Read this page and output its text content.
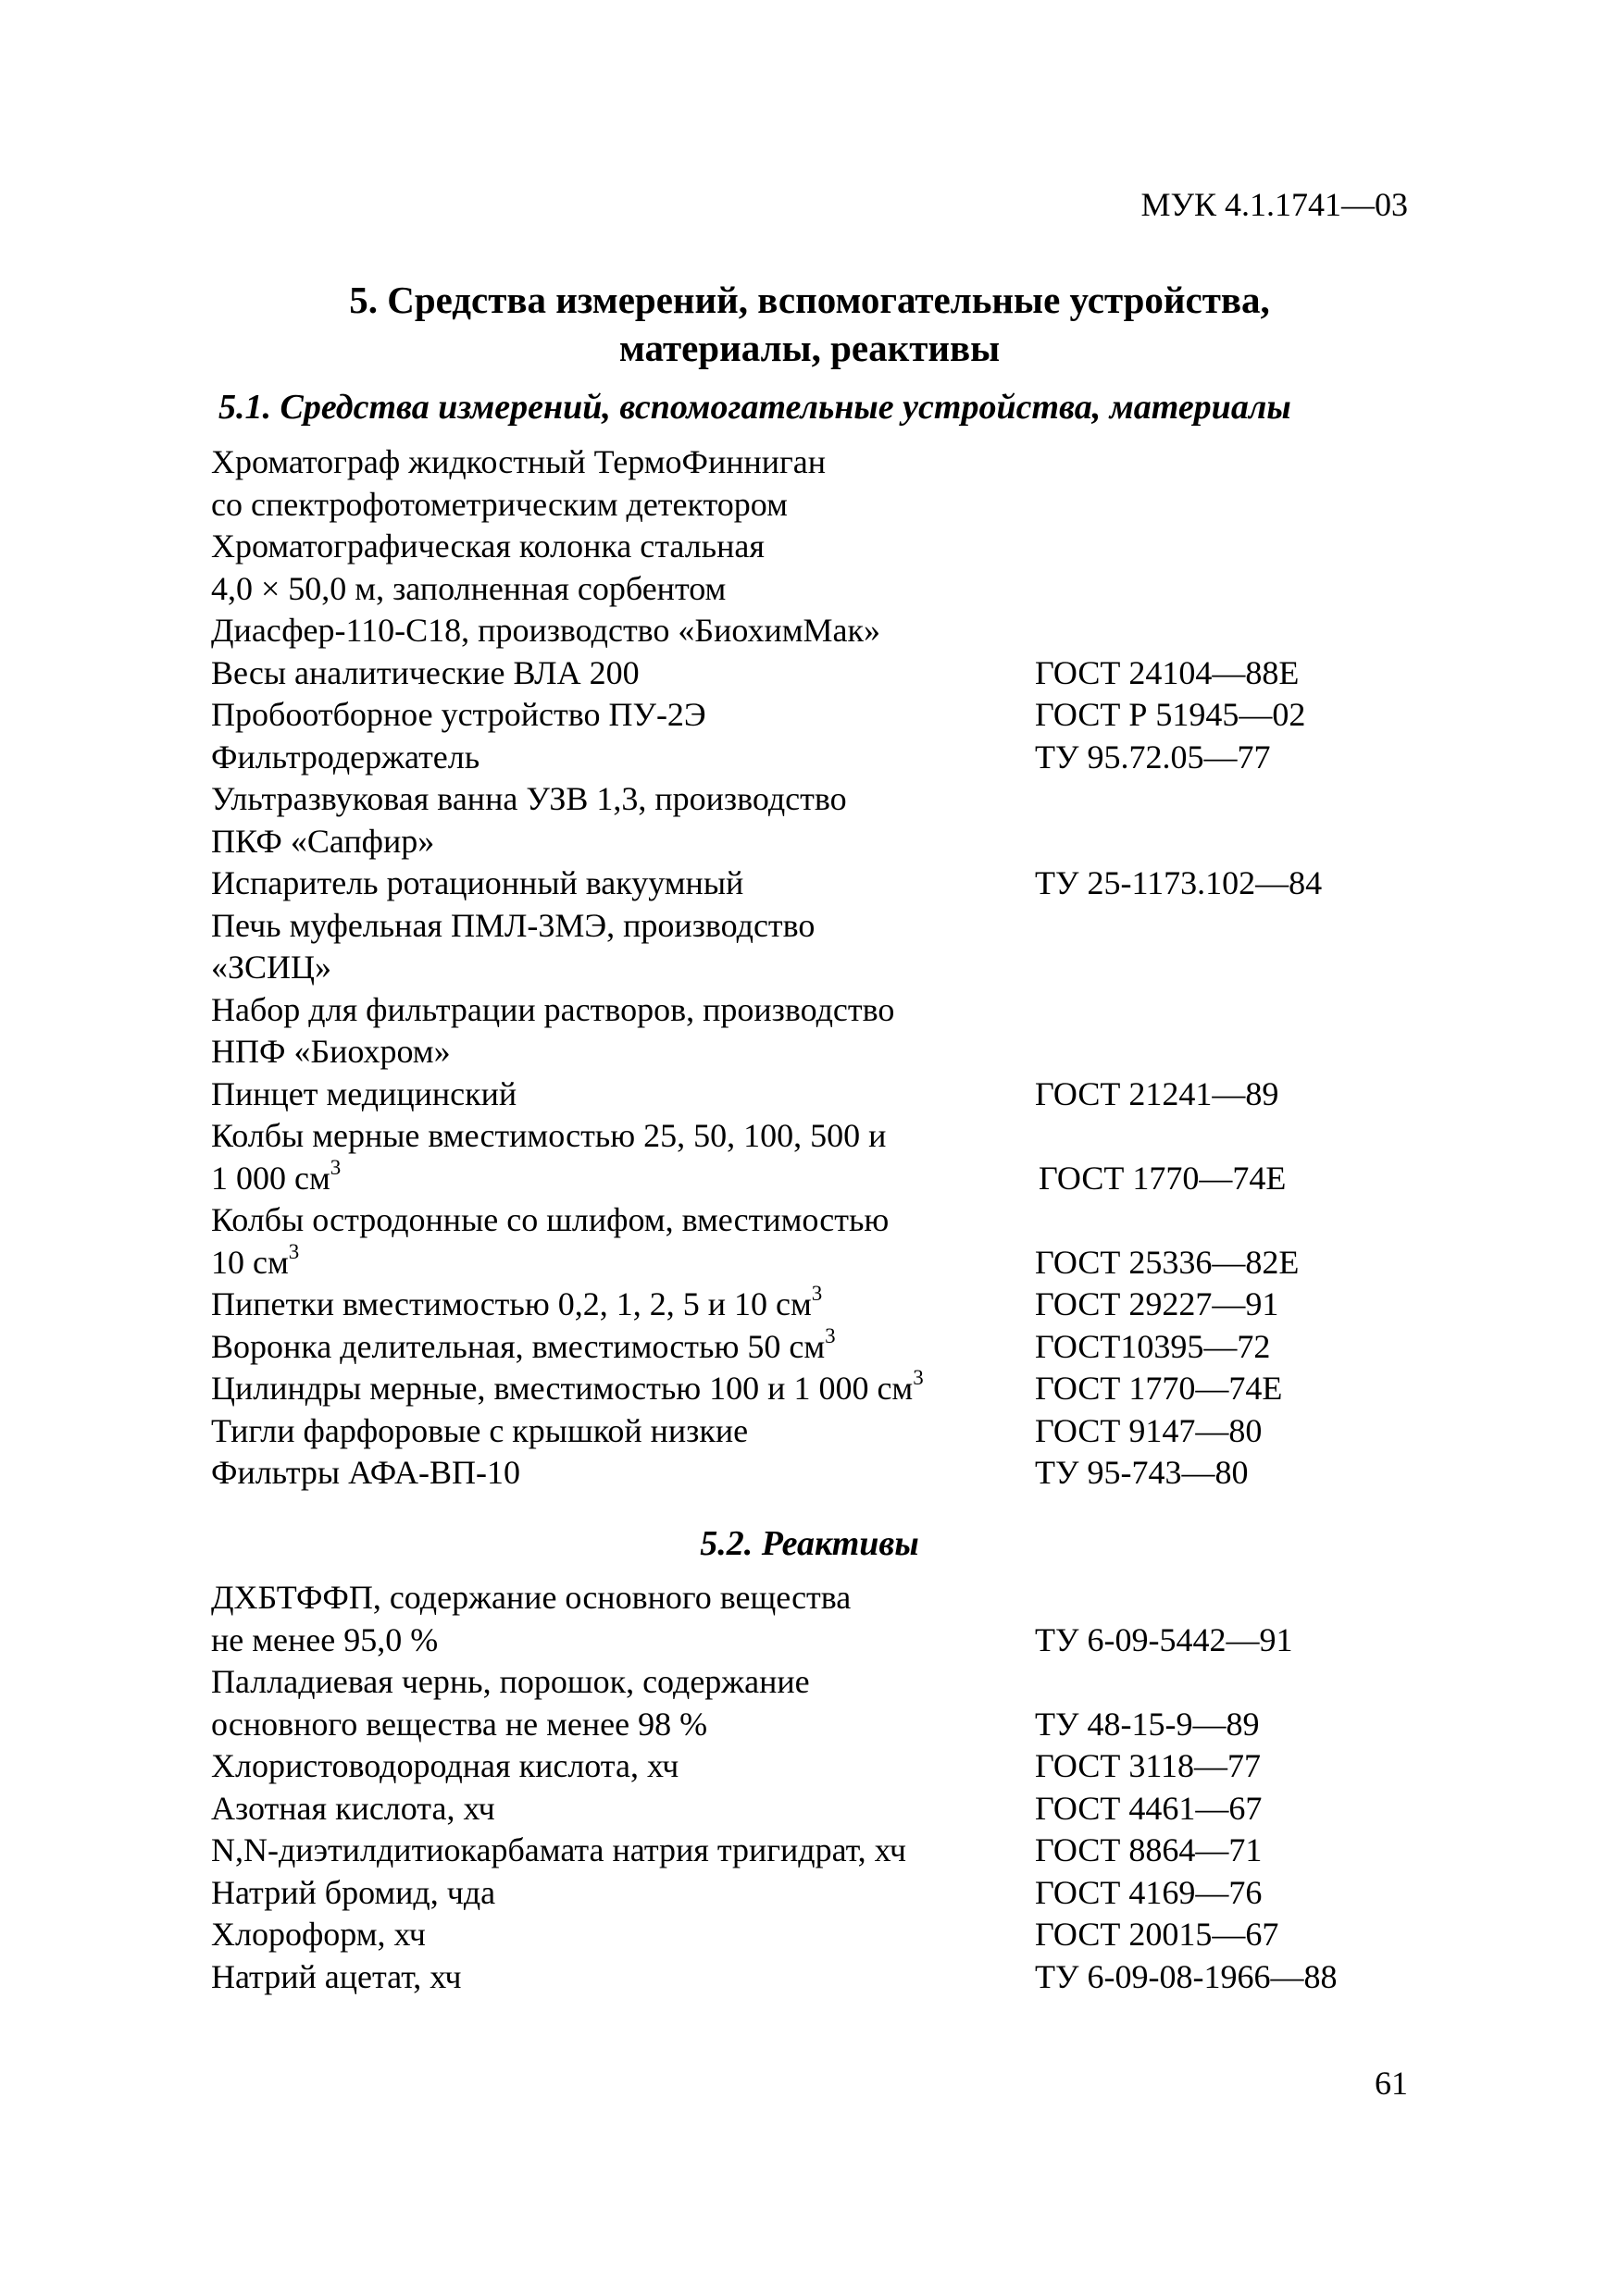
МУК 4.1.1741—03
5. Средства измерений, вспомогательные устройства,
материалы, реактивы
5.1. Средства измерений, вспомогательные устройства, материалы
Хроматограф жидкостный ТермоФинниган
со спектрофотометрическим детектором
Хроматографическая колонка стальная
4,0 × 50,0 м, заполненная сорбентом
Диасфер-110-С18, производство «БиохимМак»
Весы аналитические ВЛА 200	ГОСТ 24104—88Е
Пробоотборное устройство ПУ-2Э	ГОСТ Р 51945—02
Фильтродержатель	ТУ 95.72.05—77
Ультразвуковая ванна УЗВ 1,3, производство
ПКФ «Сапфир»
Испаритель ротационный вакуумный	ТУ 25-1173.102—84
Печь муфельная ПМЛ-3МЭ, производство
«ЗСИЦ»
Набор для фильтрации растворов, производство
НПФ «Биохром»
Пинцет медицинский	ГОСТ 21241—89
Колбы мерные вместимостью 25, 50, 100, 500 и
1 000 $см^3$	ГОСТ 1770—74Е
Колбы остродонные со шлифом, вместимостью
10 $см^3$	ГОСТ 25336—82Е
Пипетки вместимостью 0,2, 1, 2, 5 и 10 $см^3$	ГОСТ 29227—91
Воронка делительная, вместимостью 50 $см^3$	ГОСТ10395—72
Цилиндры мерные, вместимостью 100 и 1 000 $см^3$	ГОСТ 1770—74Е
Тигли фарфоровые с крышкой низкие	ГОСТ 9147—80
Фильтры АФА-ВП-10	ТУ 95-743—80
5.2. Реактивы
ДХБТФФП, содержание основного вещества
не менее 95,0 %	ТУ 6-09-5442—91
Палладиевая чернь, порошок, содержание
основного вещества не менее 98 %	ТУ 48-15-9—89
Хлористоводородная кислота, хч	ГОСТ 3118—77
Азотная кислота, хч	ГОСТ 4461—67
N,N-диэтилдитиокарбамата натрия тригидрат, хч	ГОСТ 8864—71
Натрий бромид, чда	ГОСТ 4169—76
Хлороформ, хч	ГОСТ 20015—67
Натрий ацетат, хч	ТУ 6-09-08-1966—88
61
